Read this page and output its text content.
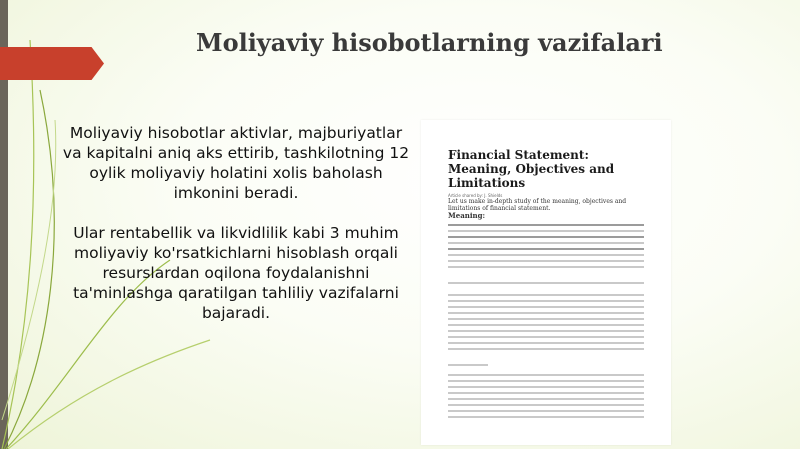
Moliyaviy hisobotlarning vazifalari

Moliyaviy hisobotlar aktivlar, majburiyatlar va kapitalni aniq aks ettirib, tashkilotning 12 oylik moliyaviy holatini xolis baholash imkonini beradi.

Ular rentabellik va likvidlilik kabi 3 muhim moliyaviy ko'rsatkichlarni hisoblash orqali resurslardan oqilona foydalanishni ta'minlashga qaratilgan tahliliy vazifalarni bajaradi.

Financial Statement: Meaning, Objectives and Limitations
Article shared by: J. Shields
Let us make in-depth study of the meaning, objectives and limitations of financial statement.
Meaning:
